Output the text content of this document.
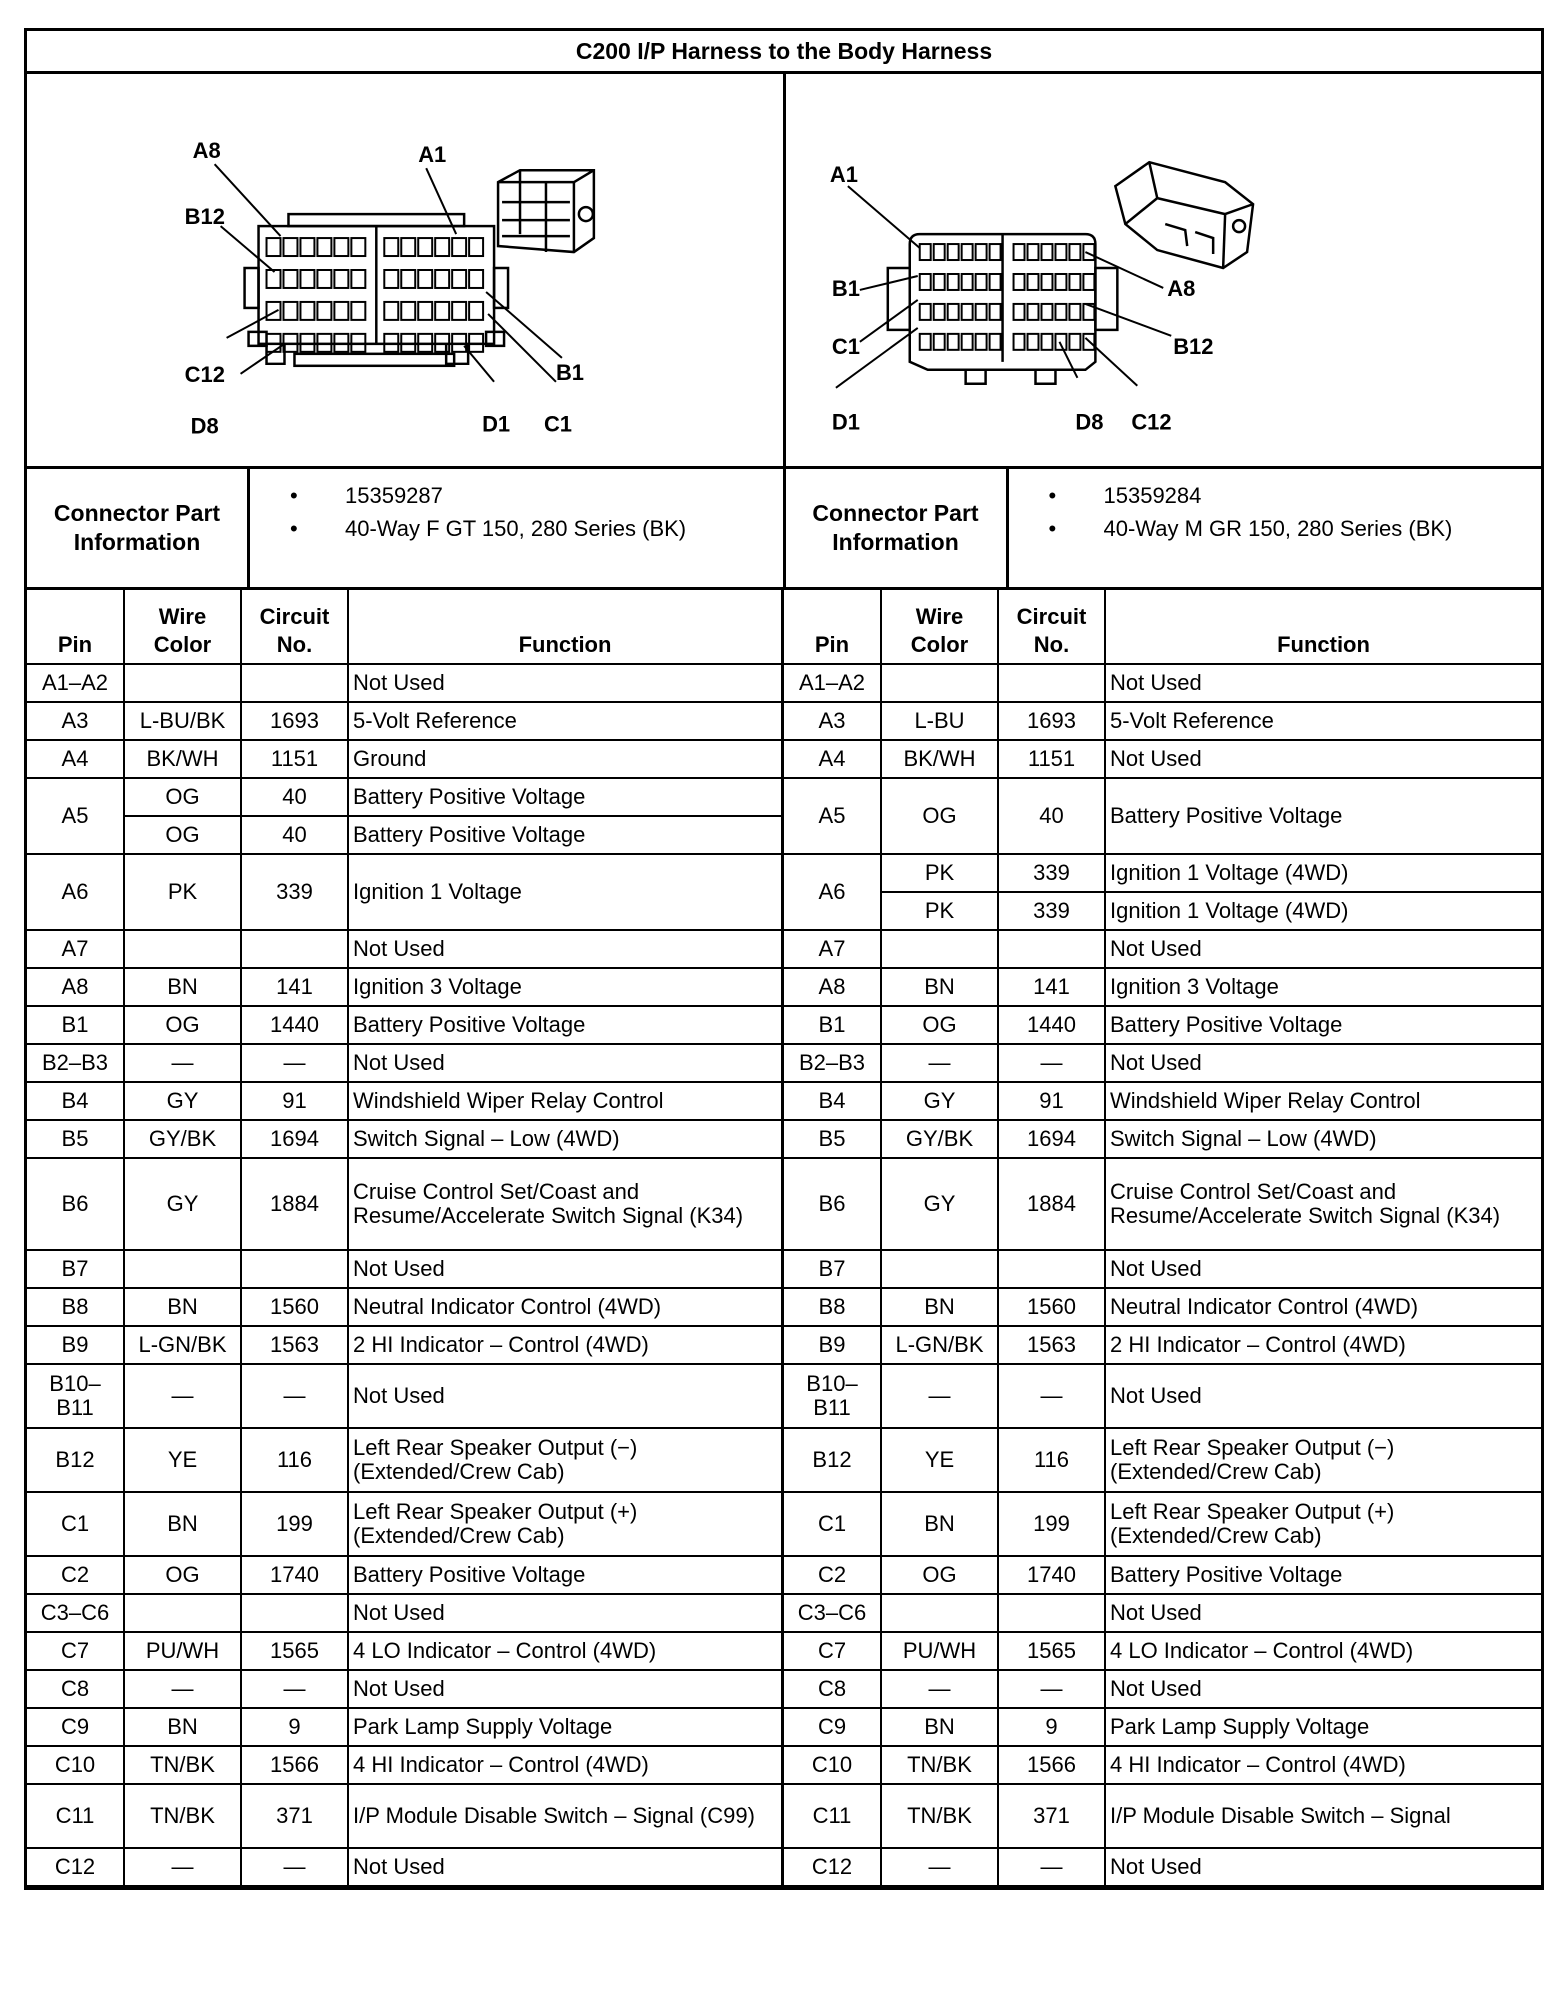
C200 I/P Harness to the Body Harness
A8	A1
B12
B1
C12
D8	D1 C1
A1
A8
B1
B12
C1
D1	D8 C12
Connector Part Information
• 15359287
• 40-Way F GT 150, 280 Series (BK)
Connector Part Information
• 15359284
• 40-Way M GR 150, 280 Series (BK)
Pin	Wire Color	Circuit No.	Function
A1–A2			Not Used
A3	L-BU/BK	1693	5-Volt Reference
A4	BK/WH	1151	Ground
A5	OG	40	Battery Positive Voltage
	OG	40	Battery Positive Voltage
A6	PK	339	Ignition 1 Voltage
A7			Not Used
A8	BN	141	Ignition 3 Voltage
B1	OG	1440	Battery Positive Voltage
B2–B3	—	—	Not Used
B4	GY	91	Windshield Wiper Relay Control
B5	GY/BK	1694	Switch Signal – Low (4WD)
B6	GY	1884	Cruise Control Set/Coast and Resume/Accelerate Switch Signal (K34)
B7			Not Used
B8	BN	1560	Neutral Indicator Control (4WD)
B9	L-GN/BK	1563	2 HI Indicator – Control (4WD)
B10–B11	—	—	Not Used
B12	YE	116	Left Rear Speaker Output (−) (Extended/Crew Cab)
C1	BN	199	Left Rear Speaker Output (+) (Extended/Crew Cab)
C2	OG	1740	Battery Positive Voltage
C3–C6			Not Used
C7	PU/WH	1565	4 LO Indicator – Control (4WD)
C8	—	—	Not Used
C9	BN	9	Park Lamp Supply Voltage
C10	TN/BK	1566	4 HI Indicator – Control (4WD)
C11	TN/BK	371	I/P Module Disable Switch – Signal (C99)
C12	—	—	Not Used
Pin	Wire Color	Circuit No.	Function
A1–A2			Not Used
A3	L-BU	1693	5-Volt Reference
A4	BK/WH	1151	Not Used
A5	OG	40	Battery Positive Voltage
A6	PK	339	Ignition 1 Voltage (4WD)
	PK	339	Ignition 1 Voltage (4WD)
A7			Not Used
A8	BN	141	Ignition 3 Voltage
B1	OG	1440	Battery Positive Voltage
B2–B3	—	—	Not Used
B4	GY	91	Windshield Wiper Relay Control
B5	GY/BK	1694	Switch Signal – Low (4WD)
B6	GY	1884	Cruise Control Set/Coast and Resume/Accelerate Switch Signal (K34)
B7			Not Used
B8	BN	1560	Neutral Indicator Control (4WD)
B9	L-GN/BK	1563	2 HI Indicator – Control (4WD)
B10–B11	—	—	Not Used
B12	YE	116	Left Rear Speaker Output (−) (Extended/Crew Cab)
C1	BN	199	Left Rear Speaker Output (+) (Extended/Crew Cab)
C2	OG	1740	Battery Positive Voltage
C3–C6			Not Used
C7	PU/WH	1565	4 LO Indicator – Control (4WD)
C8	—	—	Not Used
C9	BN	9	Park Lamp Supply Voltage
C10	TN/BK	1566	4 HI Indicator – Control (4WD)
C11	TN/BK	371	I/P Module Disable Switch – Signal
C12	—	—	Not Used
